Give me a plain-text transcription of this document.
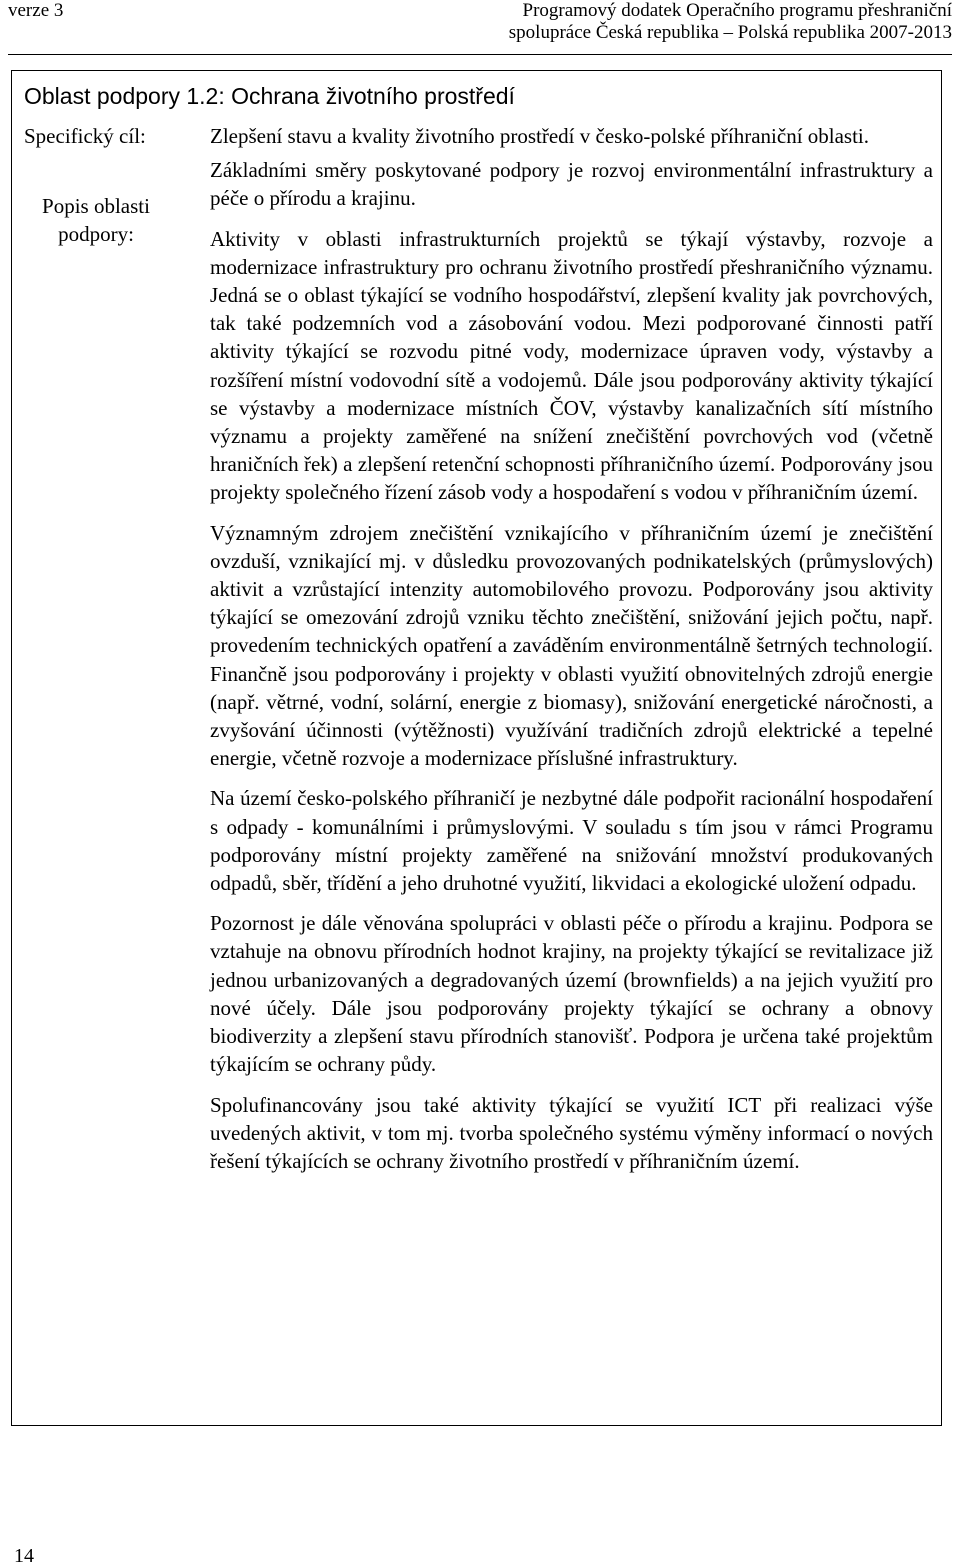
verze 3	Programový dodatek Operačního programu přeshraniční
spolupráce Česká republika – Polská republika 2007-2013
Oblast podpory 1.2: Ochrana životního prostředí
Specifický cíl:
Popis oblasti podpory:

Zlepšení stavu a kvality životního prostředí v česko-polské příhraniční oblasti.

Základními směry poskytované podpory je rozvoj environmentální infrastruktury a péče o přírodu a krajinu.

Aktivity v oblasti infrastrukturních projektů se týkají výstavby, rozvoje a modernizace infrastruktury pro ochranu životního prostředí přeshraničního významu. Jedná se o oblast týkající se vodního hospodářství, zlepšení kvality jak povrchových, tak také podzemních vod a zásobování vodou. Mezi podporované činnosti patří aktivity týkající se rozvodu pitné vody, modernizace úpraven vody, výstavby a rozšíření místní vodovodní sítě a vodojemů. Dále jsou podporovány aktivity týkající se výstavby a modernizace místních ČOV, výstavby kanalizačních sítí místního významu a projekty zaměřené na snížení znečištění povrchových vod (včetně hraničních řek) a zlepšení retenční schopnosti příhraničního území. Podporovány jsou projekty společného řízení zásob vody a hospodaření s vodou v příhraničním území.

Významným zdrojem znečištění vznikajícího v příhraničním území je znečištění ovzduší, vznikající mj. v důsledku provozovaných podnikatelských (průmyslových) aktivit a vzrůstající intenzity automobilového provozu. Podporovány jsou aktivity týkající se omezování zdrojů vzniku těchto znečištění, snižování jejich počtu, např. provedením technických opatření a zaváděním environmentálně šetrných technologií. Finančně jsou podporovány i projekty v oblasti využití obnovitelných zdrojů energie (např. větrné, vodní, solární, energie z biomasy), snižování energetické náročnosti, a zvyšování účinnosti (výtěžnosti) využívání tradičních zdrojů elektrické a tepelné energie, včetně rozvoje a modernizace příslušné infrastruktury.

Na území česko-polského příhraničí je nezbytné dále podpořit racionální hospodaření s odpady - komunálními i průmyslovými. V souladu s tím jsou v rámci Programu podporovány místní projekty zaměřené na snižování množství produkovaných odpadů, sběr, třídění a jeho druhotné využití, likvidaci a ekologické uložení odpadu.

Pozornost je dále věnována spolupráci v oblasti péče o přírodu a krajinu. Podpora se vztahuje na obnovu přírodních hodnot krajiny, na projekty týkající se revitalizace již jednou urbanizovaných a degradovaných území (brownfields) a na jejich využití pro nové účely. Dále jsou podporovány projekty týkající se ochrany a obnovy biodiverzity a zlepšení stavu přírodních stanovišť. Podpora je určena také projektům týkajícím se ochrany půdy.

Spolufinancovány jsou také aktivity týkající se využití ICT při realizaci výše uvedených aktivit, v tom mj. tvorba společného systému výměny informací o nových řešení týkajících se ochrany životního prostředí v příhraničním území.

14
